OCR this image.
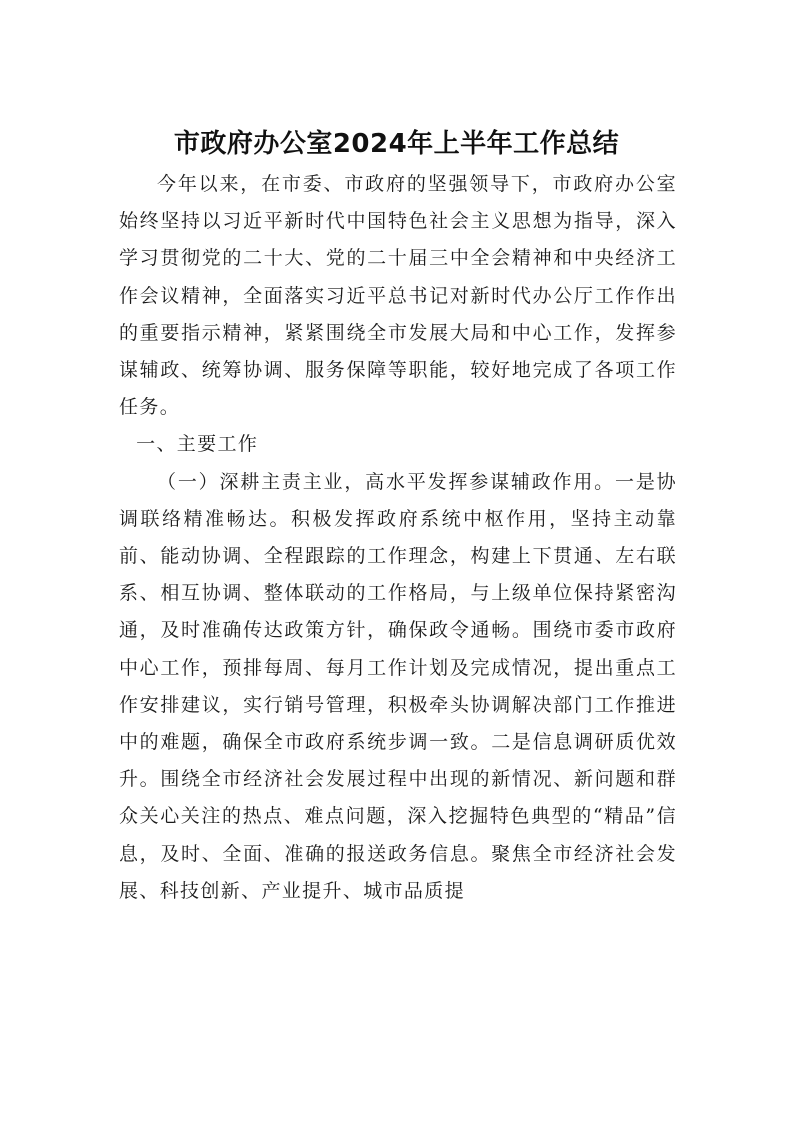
市政府办公室2024年上半年工作总结

今年以来，在市委、市政府的坚强领导下，市政府办公室始终坚持以习近平新时代中国特色社会主义思想为指导，深入学习贯彻党的二十大、党的二十届三中全会精神和中央经济工作会议精神，全面落实习近平总书记对新时代办公厅工作作出的重要指示精神，紧紧围绕全市发展大局和中心工作，发挥参谋辅政、统筹协调、服务保障等职能，较好地完成了各项工作任务。

一、主要工作

（一）深耕主责主业，高水平发挥参谋辅政作用。一是协调联络精准畅达。积极发挥政府系统中枢作用，坚持主动靠前、能动协调、全程跟踪的工作理念，构建上下贯通、左右联系、相互协调、整体联动的工作格局，与上级单位保持紧密沟通，及时准确传达政策方针，确保政令通畅。围绕市委市政府中心工作，预排每周、每月工作计划及完成情况，提出重点工作安排建议，实行销号管理，积极牵头协调解决部门工作推进中的难题，确保全市政府系统步调一致。二是信息调研质优效升。围绕全市经济社会发展过程中出现的新情况、新问题和群众关心关注的热点、难点问题，深入挖掘特色典型的“精品”信息，及时、全面、准确的报送政务信息。聚焦全市经济社会发展、科技创新、产业提升、城市品质提
